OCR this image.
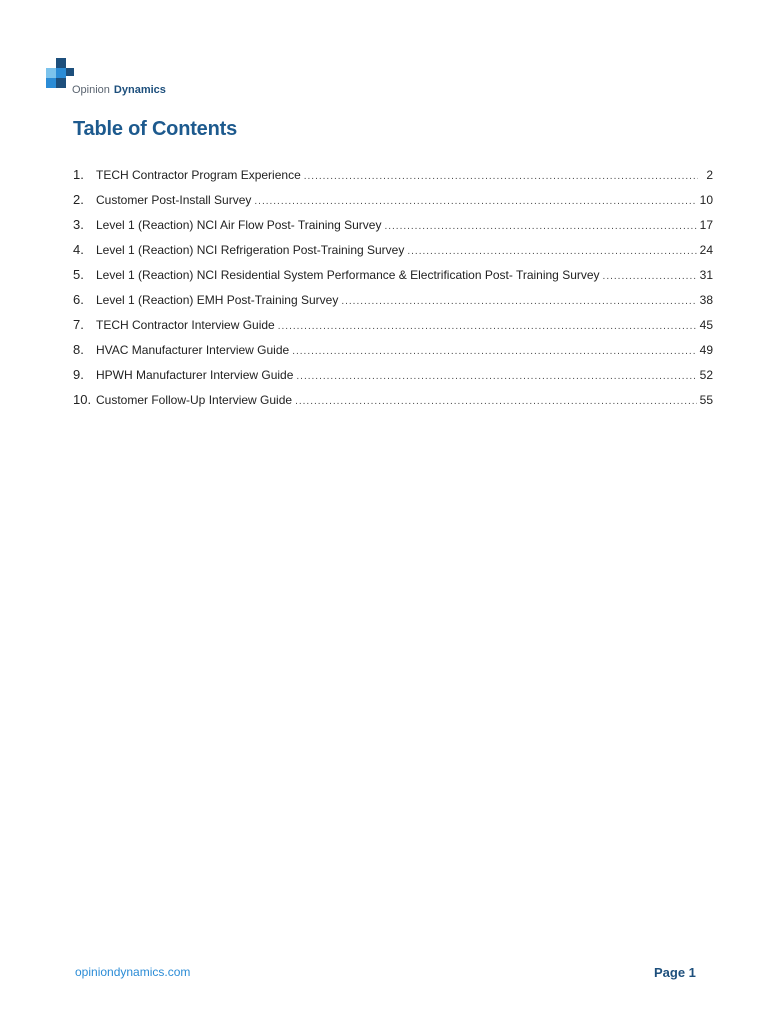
Opinion Dynamics
Table of Contents
1.	TECH Contractor Program Experience .....	2
2.	Customer Post-Install Survey .....	10
3.	Level 1 (Reaction) NCI Air Flow Post- Training Survey .....	17
4.	Level 1 (Reaction) NCI Refrigeration Post-Training Survey .....	24
5.	Level 1 (Reaction) NCI Residential System Performance & Electrification Post- Training Survey .....	31
6.	Level 1 (Reaction) EMH Post-Training Survey .....	38
7.	TECH Contractor Interview Guide .....	45
8.	HVAC Manufacturer Interview Guide .....	49
9.	HPWH Manufacturer Interview Guide .....	52
10. Customer Follow-Up Interview Guide .....	55
opiniondynamics.com	Page 1
